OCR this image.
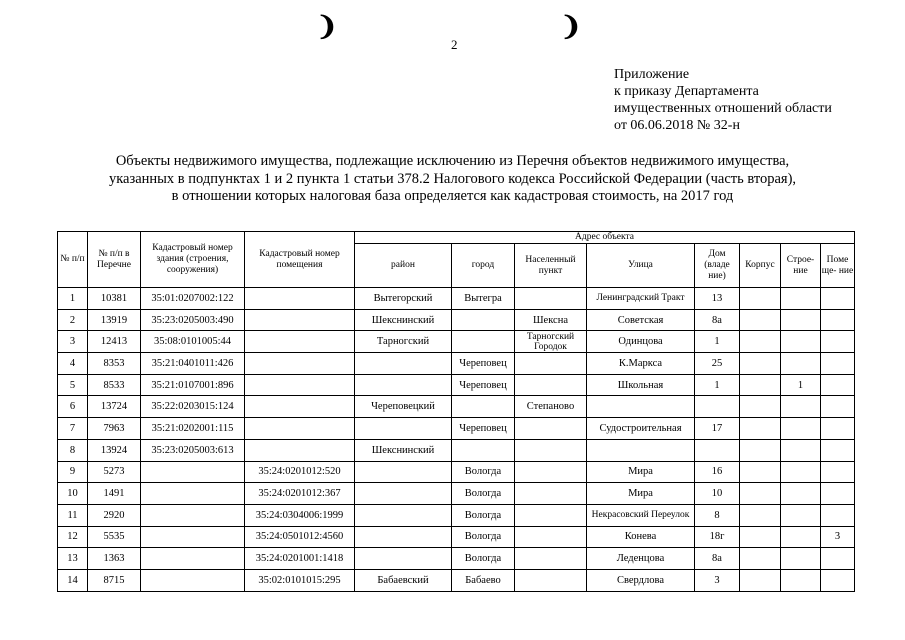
❩	❩
2
Приложение
к приказу Департамента
имущественных отношений области
от 06.06.2018 № 32-н
Объекты недвижимого имущества, подлежащие исключению из Перечня объектов недвижимого имущества,
указанных в подпунктах 1 и 2 пункта 1 статьи 378.2 Налогового кодекса Российской Федерации (часть вторая),
в отношении которых налоговая база определяется как кадастровая стоимость, на 2017 год
№ п/п	№ п/п в Перечне	Кадастровый номер здания (строения, сооружения)	Кадастровый номер помещения	Адрес объекта							
				район	город	Населенный пункт	Улица	Дом (владе ние)	Корпус	Строе- ние	Поме ще- ние
1	10381	35:01:0207002:122		Вытегорский	Вытегра		Ленинградский Тракт	13			
2	13919	35:23:0205003:490		Шекснинский		Шексна	Советская	8а			
3	12413	35:08:0101005:44		Тарногский		Тарногский Городок	Одинцова	1			
4	8353	35:21:0401011:426			Череповец		К.Маркса	25			
5	8533	35:21:0107001:896			Череповец		Школьная	1		1	
6	13724	35:22:0203015:124		Череповецкий		Степаново					
7	7963	35:21:0202001:115			Череповец		Судостроительная	17			
8	13924	35:23:0205003:613		Шекснинский							
9	5273		35:24:0201012:520		Вологда		Мира	16			
10	1491		35:24:0201012:367		Вологда		Мира	10			
11	2920		35:24:0304006:1999		Вологда		Некрасовский Переулок	8			
12	5535		35:24:0501012:4560		Вологда		Конева	18г			3
13	1363		35:24:0201001:1418		Вологда		Леденцова	8а			
14	8715		35:02:0101015:295	Бабаевский	Бабаево		Свердлова	3			
